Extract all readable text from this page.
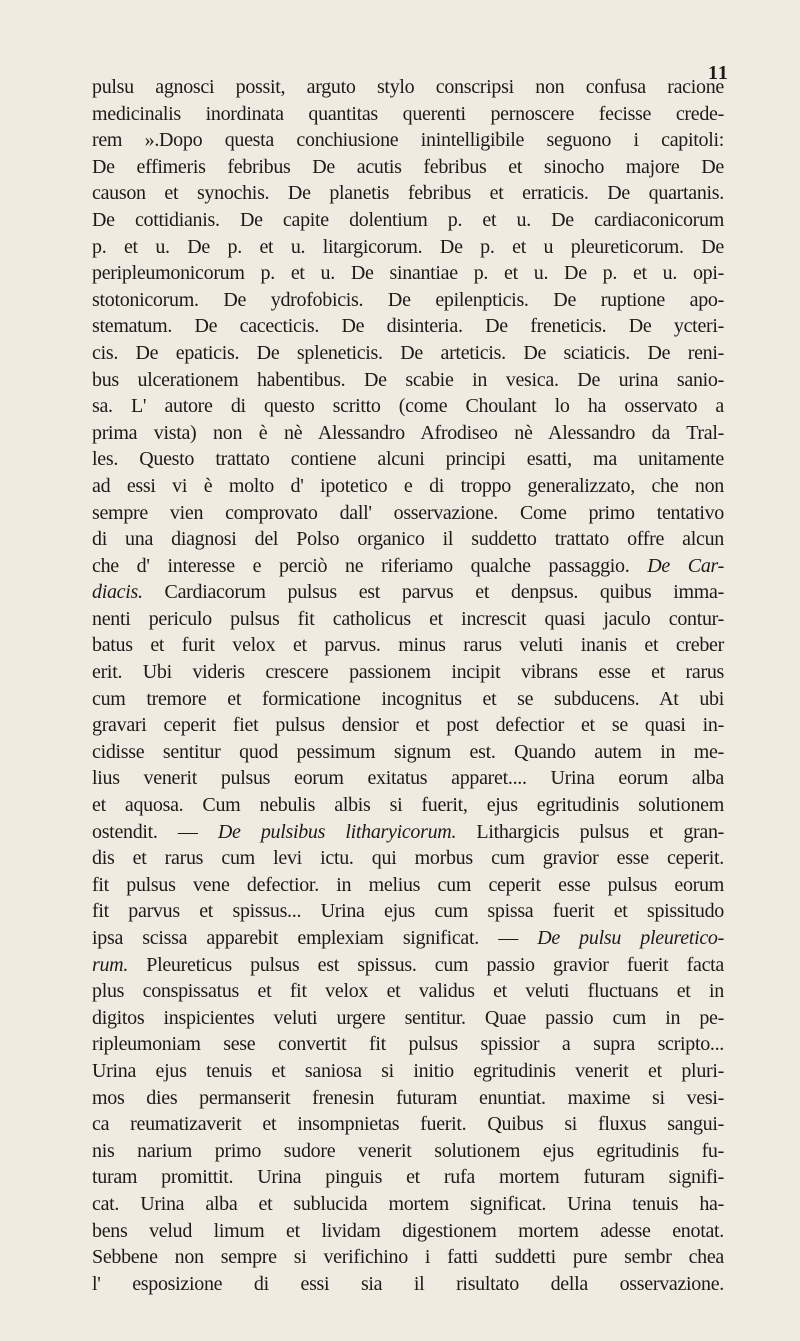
11
pulsu agnosci possit, arguto stylo conscripsi non confusa racione
medicinalis inordinata quantitas querenti pernoscere fecisse crede-
rem ».Dopo questa conchiusione inintelligibile seguono i capitoli:
De effimeris febribus De acutis febribus et sinocho majore De
causon et synochis. De planetis febribus et erraticis. De quartanis.
De cottidianis. De capite dolentium p. et u. De cardiaconicorum
p. et u. De p. et u. litargicorum. De p. et u pleureticorum. De
peripleumonicorum p. et u. De sinantiae p. et u. De p. et u. opi-
stotonicorum. De ydrofobicis. De epilenpticis. De ruptione apo-
stematum. De cacecticis. De disinteria. De freneticis. De ycteri-
cis. De epaticis. De spleneticis. De arteticis. De sciaticis. De reni-
bus ulcerationem habentibus. De scabie in vesica. De urina sanio-
sa. L' autore di questo scritto (come Choulant lo ha osservato a
prima vista) non è nè Alessandro Afrodiseo nè Alessandro da Tral-
les. Questo trattato contiene alcuni principi esatti, ma unitamente
ad essi vi è molto d' ipotetico e di troppo generalizzato, che non
sempre vien comprovato dall' osservazione. Come primo tentativo
di una diagnosi del Polso organico il suddetto trattato offre alcun
che d' interesse e perciò ne riferiamo qualche passaggio. De Car-
diacis. Cardiacorum pulsus est parvus et denpsus. quibus imma-
nenti periculo pulsus fit catholicus et increscit quasi jaculo contur-
batus et furit velox et parvus. minus rarus veluti inanis et creber
erit. Ubi videris crescere passionem incipit vibrans esse et rarus
cum tremore et formicatione incognitus et se subducens. At ubi
gravari ceperit fiet pulsus densior et post defectior et se quasi in-
cidisse sentitur quod pessimum signum est. Quando autem in me-
lius venerit pulsus eorum exitatus apparet.... Urina eorum alba
et aquosa. Cum nebulis albis si fuerit, ejus egritudinis solutionem
ostendit. — De pulsibus litharyicorum. Lithargicis pulsus et gran-
dis et rarus cum levi ictu. qui morbus cum gravior esse ceperit.
fit pulsus vene defectior. in melius cum ceperit esse pulsus eorum
fit parvus et spissus... Urina ejus cum spissa fuerit et spissitudo
ipsa scissa apparebit emplexiam significat. — De pulsu pleuretico-
rum. Pleureticus pulsus est spissus. cum passio gravior fuerit facta
plus conspissatus et fit velox et validus et veluti fluctuans et in
digitos inspicientes veluti urgere sentitur. Quae passio cum in pe-
ripleumoniam sese convertit fit pulsus spissior a supra scripto...
Urina ejus tenuis et saniosa si initio egritudinis venerit et pluri-
mos dies permanserit frenesin futuram enuntiat. maxime si vesi-
ca reumatizaverit et insompnietas fuerit. Quibus si fluxus sangui-
nis narium primo sudore venerit solutionem ejus egritudinis fu-
turam promittit. Urina pinguis et rufa mortem futuram signifi-
cat. Urina alba et sublucida mortem significat. Urina tenuis ha-
bens velud limum et lividam digestionem mortem adesse enotat.
Sebbene non sempre si verifichino i fatti suddetti pure sembr chea
l' esposizione di essi sia il risultato della osservazione.
